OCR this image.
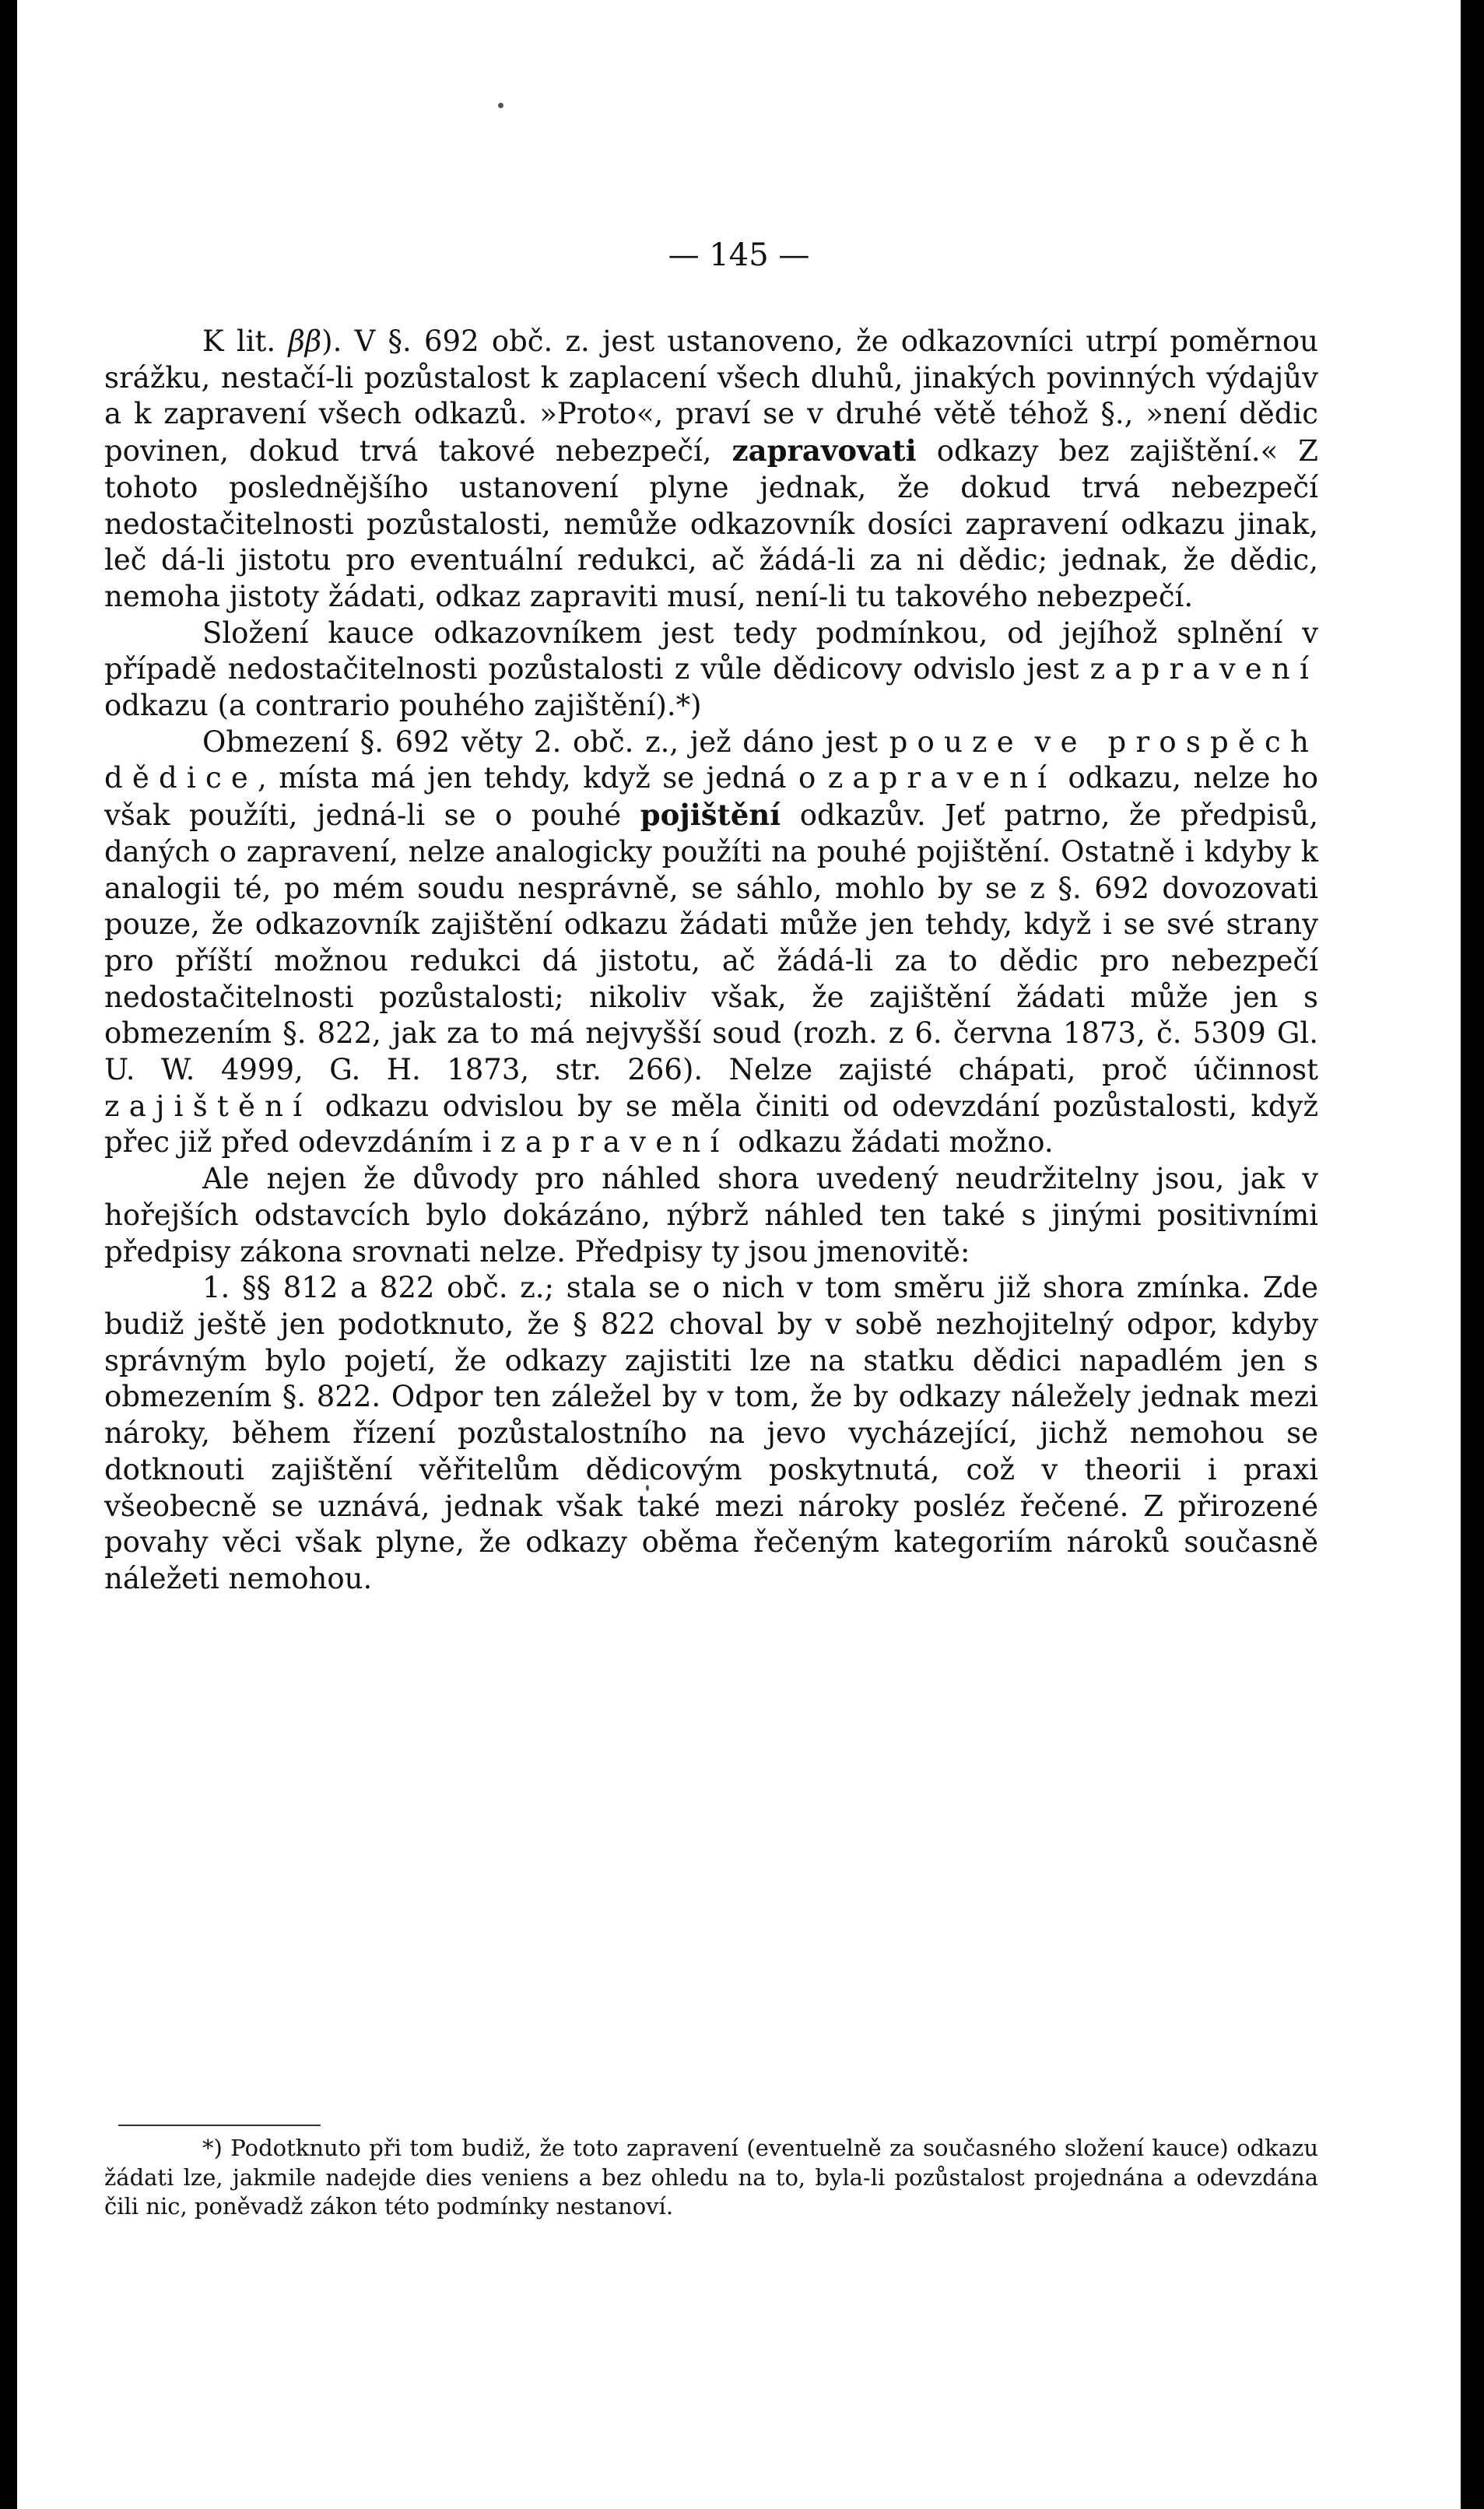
— 145 —

K lit. ββ). V §. 692 obč. z. jest ustanoveno, že odkazovníci utrpí poměrnou srážku, nestačí-li pozůstalost k zaplacení všech dluhů, jinakých povinných výdajův a k zapravení všech odkazů. »Proto«, praví se v druhé větě téhož §., »není dědic povinen, dokud trvá takové nebezpečí, zapravovati odkazy bez zajištění.« Z tohoto poslednějšího ustanovení plyne jednak, že dokud trvá nebezpečí nedostačitelnosti pozůstalosti, nemůže odkazovník dosíci zapravení odkazu jinak, leč dá-li jistotu pro eventuální redukci, ač žádá-li za ni dědic; jednak, že dědic, nemoha jistoty žádati, odkaz zapraviti musí, není-li tu takového nebezpečí.

Složení kauce odkazovníkem jest tedy podmínkou, od jejíhož splnění v případě nedostačitelnosti pozůstalosti z vůle dědicovy odvislo jest zapravení odkazu (a contrario pouhého zajištění).*)

Obmezení §. 692 věty 2. obč. z., jež dáno jest pouze ve prospěch dědice, místa má jen tehdy, když se jedná o zapravení odkazu, nelze ho však použíti, jedná-li se o pouhé pojištění odkazův. Jeť patrno, že předpisů, daných o zapravení, nelze analogicky použíti na pouhé pojištění. Ostatně i kdyby k analogii té, po mém soudu nesprávně, se sáhlo, mohlo by se z §. 692 dovozovati pouze, že odkazovník zajištění odkazu žádati může jen tehdy, když i se své strany pro příští možnou redukci dá jistotu, ač žádá-li za to dědic pro nebezpečí nedostačitelnosti pozůstalosti; nikoliv však, že zajištění žádati může jen s obmezením §. 822, jak za to má nejvyšší soud (rozh. z 6. června 1873, č. 5309 Gl. U. W. 4999, G. H. 1873, str. 266). Nelze zajisté chápati, proč účinnost zajištění odkazu odvislou by se měla činiti od odevzdání pozůstalosti, když přec již před odevzdáním i zapravení odkazu žádati možno.

Ale nejen že důvody pro náhled shora uvedený neudržitelny jsou, jak v hořejších odstavcích bylo dokázáno, nýbrž náhled ten také s jinými positivními předpisy zákona srovnati nelze. Předpisy ty jsou jmenovitě:

1. §§ 812 a 822 obč. z.; stala se o nich v tom směru již shora zmínka. Zde budiž ještě jen podotknuto, že § 822 choval by v sobě nezhojitelný odpor, kdyby správným bylo pojetí, že odkazy zajistiti lze na statku dědici napadlém jen s obmezením §. 822. Odpor ten záležel by v tom, že by odkazy náležely jednak mezi nároky, během řízení pozůstalostního na jevo vycházející, jichž nemohou se dotknouti zajištění věřitelům dědicovým poskytnutá, což v theorii i praxi všeobecně se uznává, jednak však také mezi nároky posléz řečené. Z přirozené povahy věci však plyne, že odkazy oběma řečeným kategoriím nároků současně náležeti nemohou.

*) Podotknuto při tom budiž, že toto zapravení (eventuelně za současného složení kauce) odkazu žádati lze, jakmile nadejde dies veniens a bez ohledu na to, byla-li pozůstalost projednána a odevzdána čili nic, poněvadž zákon této podmínky nestanoví.
